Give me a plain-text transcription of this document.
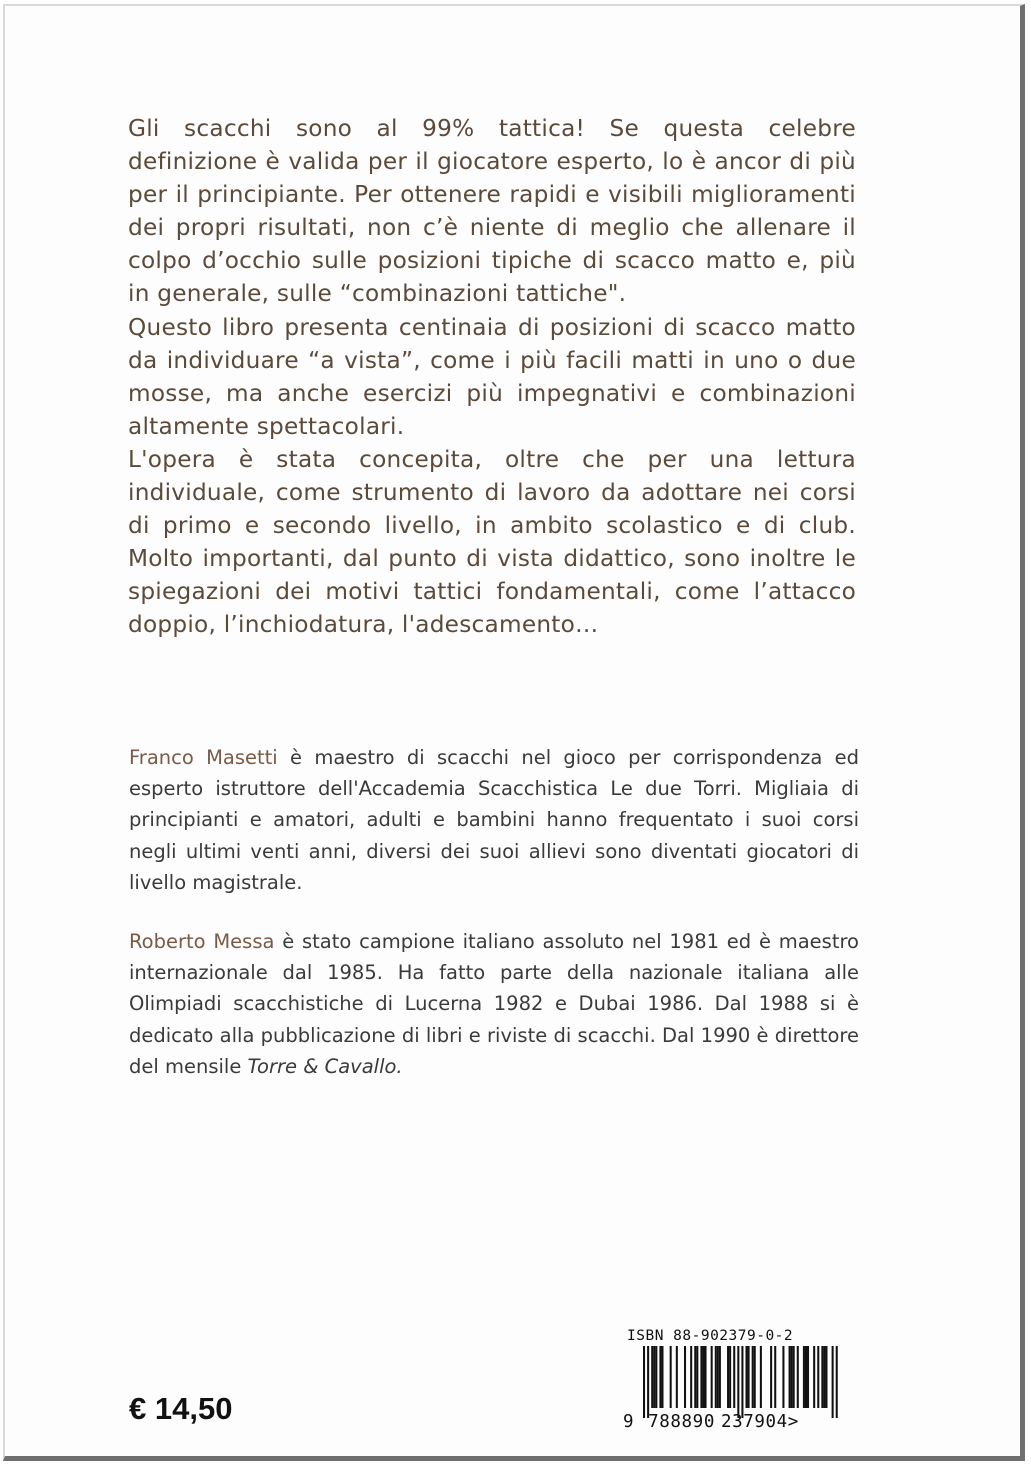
Gli scacchi sono al 99% tattica! Se questa celebre definizione è valida per il giocatore esperto, lo è ancor di più per il principiante. Per ottenere rapidi e visibili miglioramenti dei propri risultati, non c’è niente di meglio che allenare il colpo d’occhio sulle posizioni tipiche di scacco matto e, più in generale, sulle “combinazioni tattiche".

Questo libro presenta centinaia di posizioni di scacco matto da individuare “a vista”, come i più facili matti in uno o due mosse, ma anche esercizi più impegnativi e combinazioni altamente spettacolari.

L'opera è stata concepita, oltre che per una lettura individuale, come strumento di lavoro da adottare nei corsi di primo e secondo livello, in ambito scolastico e di club. Molto importanti, dal punto di vista didattico, sono inoltre le spiegazioni dei motivi tattici fondamentali, come l’attacco doppio, l’inchiodatura, l'adescamento…

Franco Masetti è maestro di scacchi nel gioco per corrispondenza ed esperto istruttore dell'Accademia Scacchistica Le due Torri. Migliaia di principianti e amatori, adulti e bambini hanno frequentato i suoi corsi negli ultimi venti anni, diversi dei suoi allievi sono diventati giocatori di livello magistrale.

Roberto Messa è stato campione italiano assoluto nel 1981 ed è maestro internazionale dal 1985. Ha fatto parte della nazionale italiana alle Olimpiadi scacchistiche di Lucerna 1982 e Dubai 1986. Dal 1988 si è dedicato alla pubblicazione di libri e riviste di scacchi. Dal 1990 è direttore del mensile Torre & Cavallo.

€ 14,50
ISBN 88-902379-0-2
9 788890 237904>
